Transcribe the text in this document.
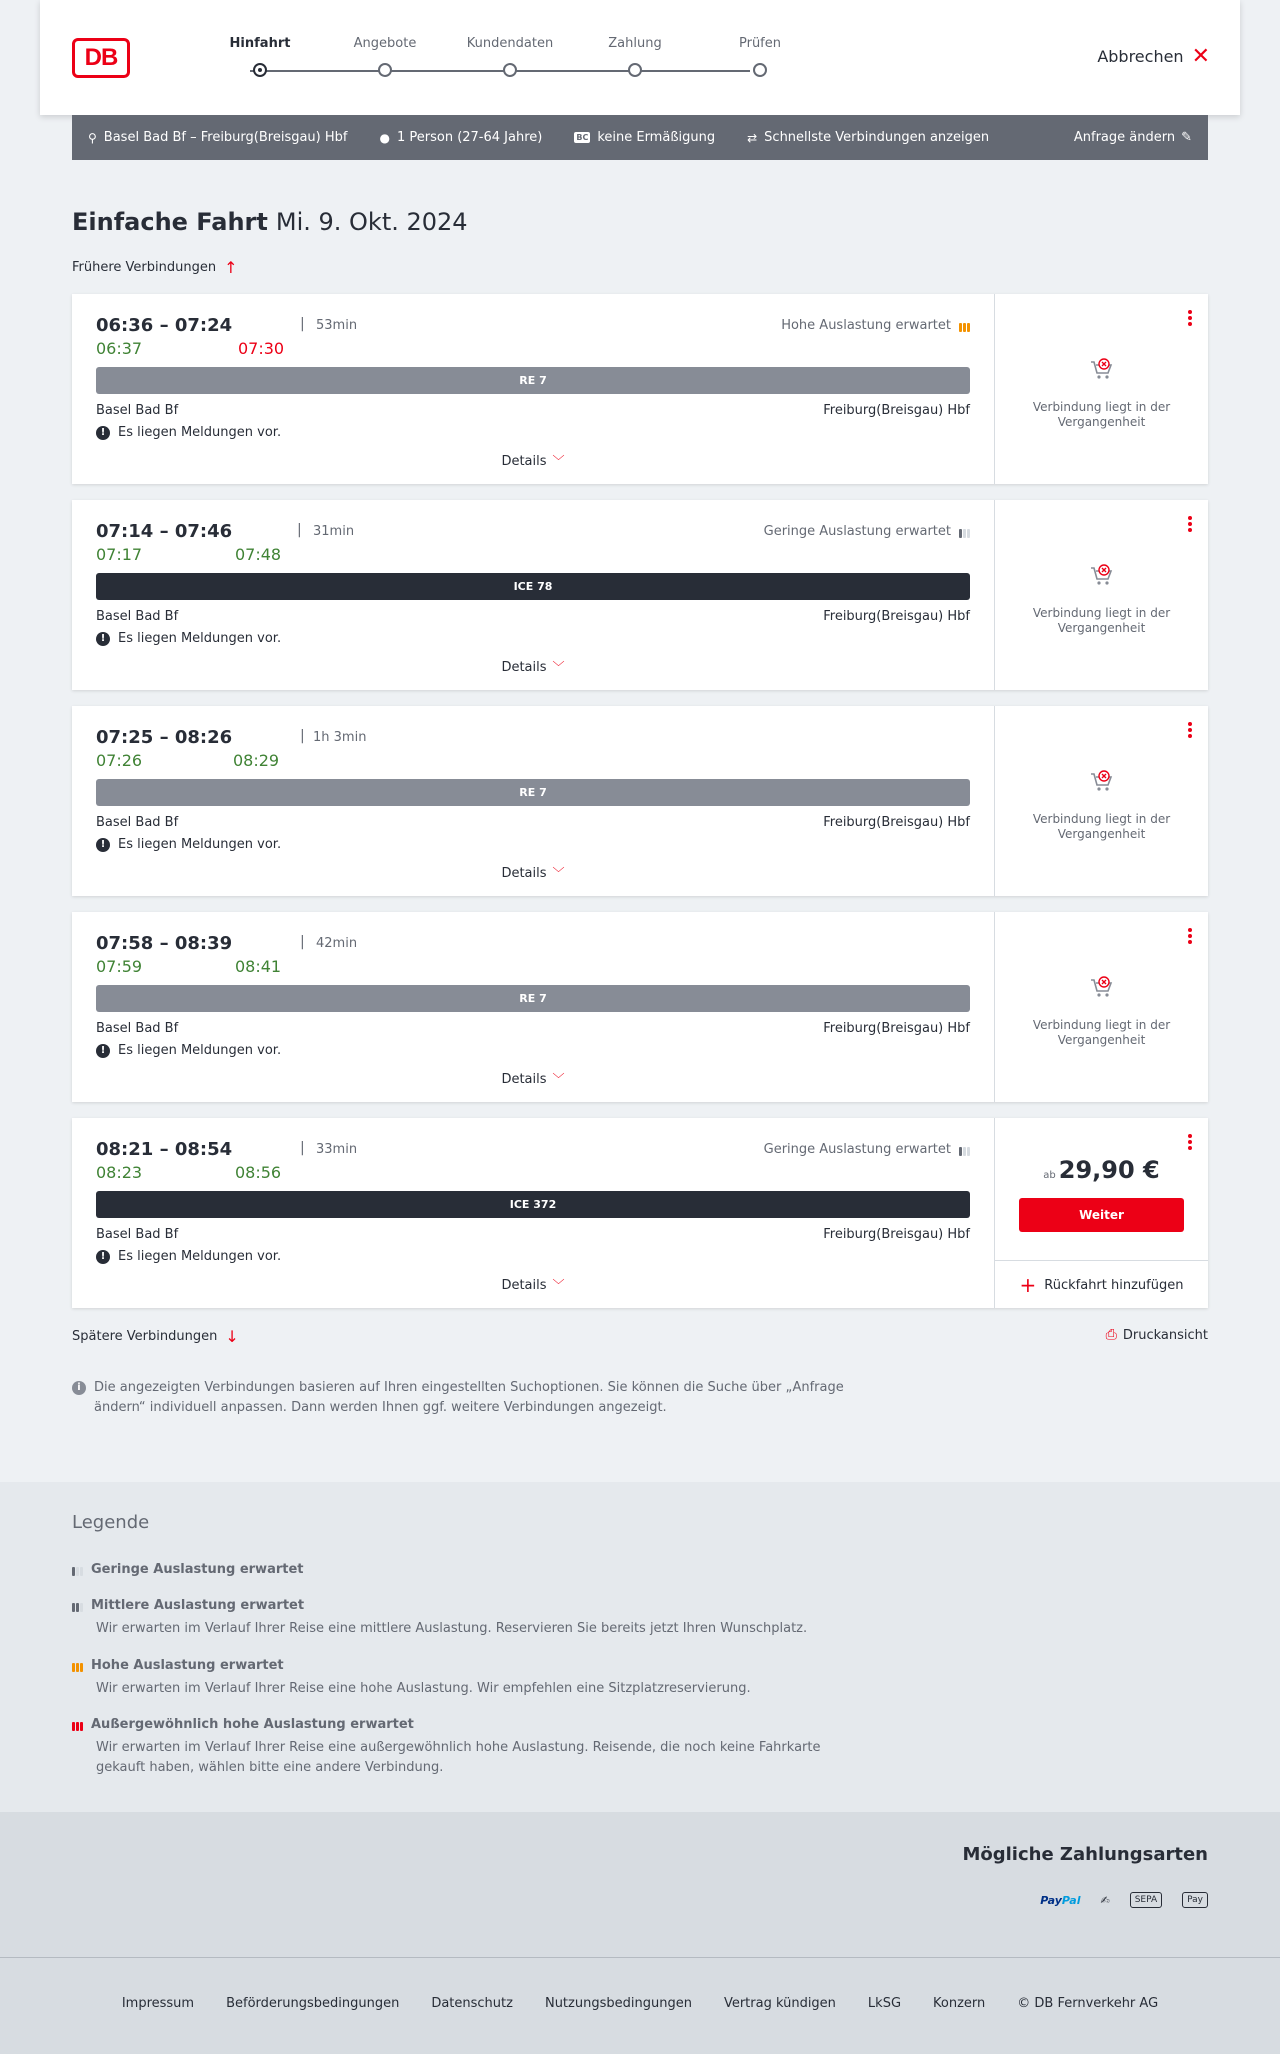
DB
Hinfahrt	Angebote	Kundendaten	Zahlung	Prüfen
Abbrechen ✕
⚲ Basel Bad Bf – Freiburg(Breisgau) Hbf	● 1 Person (27-64 Jahre)	BC keine Ermäßigung	⇄ Schnellste Verbindungen anzeigen	Anfrage ändern ✎
Einfache Fahrt Mi. 9. Okt. 2024
Frühere Verbindungen ↑
06:36 – 07:24	| 53min
06:37	07:30
Hohe Auslastung erwartet
RE 7
Basel Bad Bf	Freiburg(Breisgau) Hbf
! Es liegen Meldungen vor.
Details ﹀
Verbindung liegt in der Vergangenheit
07:14 – 07:46	| 31min
07:17	07:48
Geringe Auslastung erwartet
ICE 78
Basel Bad Bf	Freiburg(Breisgau) Hbf
! Es liegen Meldungen vor.
Details ﹀
Verbindung liegt in der Vergangenheit
07:25 – 08:26	| 1h 3min
07:26	08:29
RE 7
Basel Bad Bf	Freiburg(Breisgau) Hbf
! Es liegen Meldungen vor.
Details ﹀
Verbindung liegt in der Vergangenheit
07:58 – 08:39	| 42min
07:59	08:41
RE 7
Basel Bad Bf	Freiburg(Breisgau) Hbf
! Es liegen Meldungen vor.
Details ﹀
Verbindung liegt in der Vergangenheit
08:21 – 08:54	| 33min
08:23	08:56
Geringe Auslastung erwartet
ICE 372
Basel Bad Bf	Freiburg(Breisgau) Hbf
! Es liegen Meldungen vor.
Details ﹀
ab 29,90 €
Weiter
+ Rückfahrt hinzufügen
Spätere Verbindungen ↓	⎙ Druckansicht
i	Die angezeigten Verbindungen basieren auf Ihren eingestellten Suchoptionen. Sie können die Suche über „Anfrage ändern“ individuell anpassen. Dann werden Ihnen ggf. weitere Verbindungen angezeigt.
Legende
Geringe Auslastung erwartet
Mittlere Auslastung erwartet
Wir erwarten im Verlauf Ihrer Reise eine mittlere Auslastung. Reservieren Sie bereits jetzt Ihren Wunschplatz.
Hohe Auslastung erwartet
Wir erwarten im Verlauf Ihrer Reise eine hohe Auslastung. Wir empfehlen eine Sitzplatzreservierung.
Außergewöhnlich hohe Auslastung erwartet
Wir erwarten im Verlauf Ihrer Reise eine außergewöhnlich hohe Auslastung. Reisende, die noch keine Fahrkarte gekauft haben, wählen bitte eine andere Verbindung.
Mögliche Zahlungsarten
PayPal ✍	SEPA	Pay
Impressum Beförderungsbedingungen Datenschutz Nutzungsbedingungen Vertrag kündigen LkSG Konzern © DB Fernverkehr AG
